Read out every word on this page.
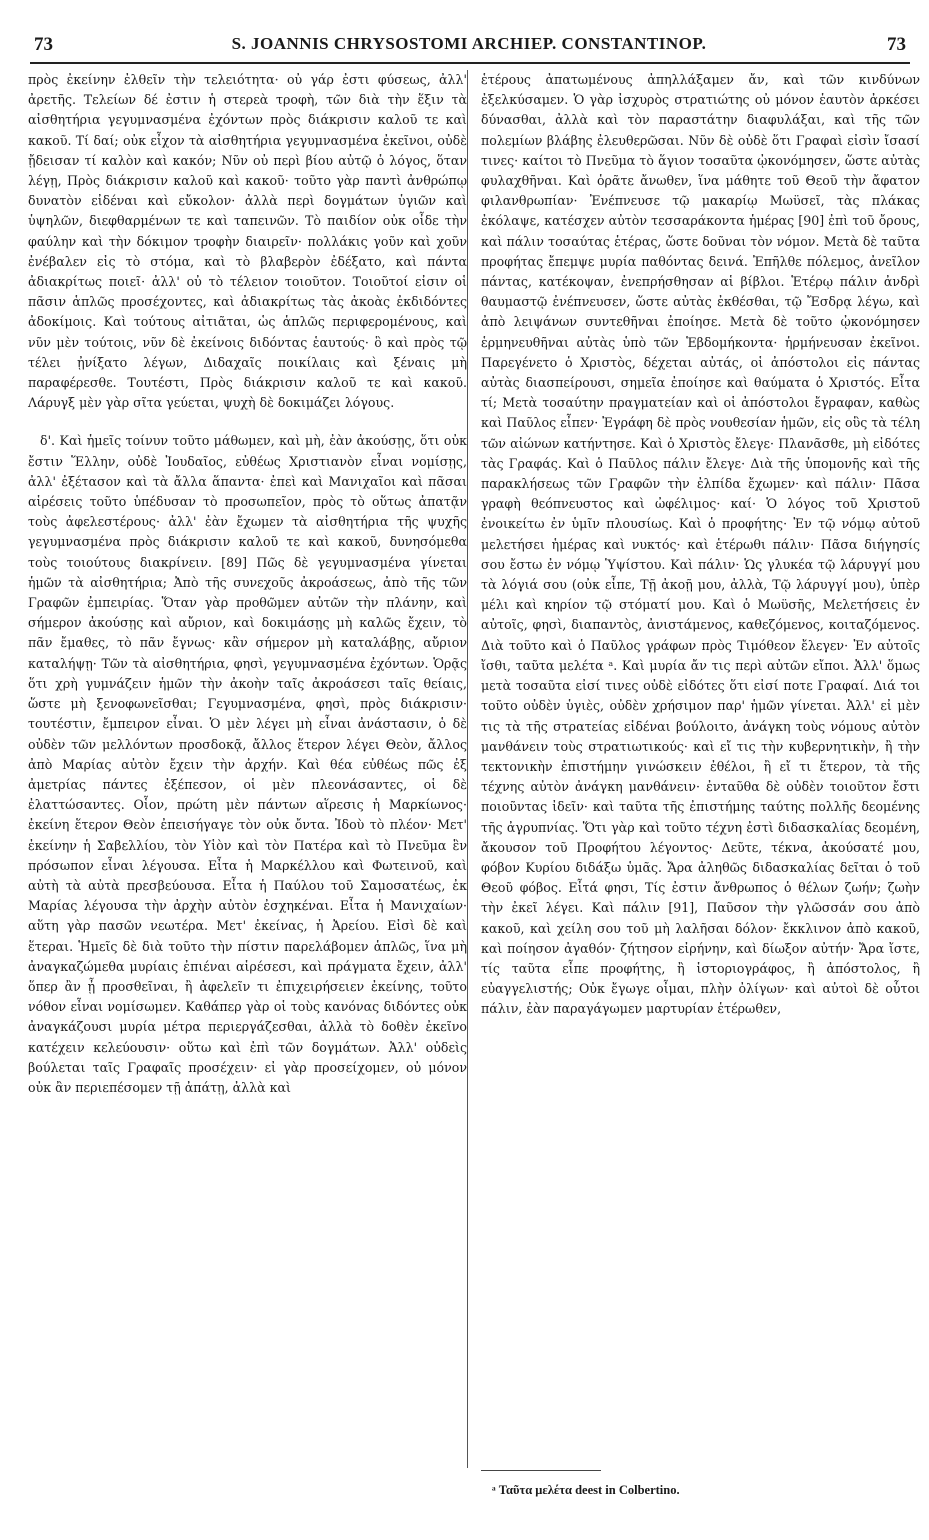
73	S. JOANNIS CHRYSOSTOMI ARCHIEP. CONSTANTINOP.	73

πρὸς ἐκείνην ἐλθεῖν τὴν τελειότητα· οὐ γάρ ἐστι φύσεως, ἀλλ' ἀρετῆς. Τελείων δέ ἐστιν ἡ στερεὰ τροφὴ, τῶν διὰ τὴν ἕξιν τὰ αἰσθητήρια γεγυμνασμένα ἐχόντων πρὸς διάκρισιν καλοῦ τε καὶ κακοῦ. Τί δαί; οὐκ εἶχον τὰ αἰσθητήρια γεγυμνασμένα ἐκεῖνοι, οὐδὲ ᾔδεισαν τί καλὸν καὶ κακόν; Νῦν οὐ περὶ βίου αὐτῷ ὁ λόγος, ὅταν λέγῃ, Πρὸς διάκρισιν καλοῦ καὶ κακοῦ· τοῦτο γὰρ παντὶ ἀνθρώπῳ δυνατὸν εἰδέναι καὶ εὔκολον· ἀλλὰ περὶ δογμάτων ὑγιῶν καὶ ὑψηλῶν, διεφθαρμένων τε καὶ ταπεινῶν. Τὸ παιδίον οὐκ οἶδε τὴν φαύλην καὶ τὴν δόκιμον τροφὴν διαιρεῖν· πολλάκις γοῦν καὶ χοῦν ἐνέβαλεν εἰς τὸ στόμα, καὶ τὸ βλαβερὸν ἐδέξατο, καὶ πάντα ἀδιακρίτως ποιεῖ· ἀλλ' οὐ τὸ τέλειον τοιοῦτον. Τοιοῦτοί εἰσιν οἱ πᾶσιν ἁπλῶς προσέχοντες, καὶ ἀδιακρίτως τὰς ἀκοὰς ἐκδιδόντες ἀδοκίμοις. Καὶ τούτους αἰτιᾶται, ὡς ἁπλῶς περιφερομένους, καὶ νῦν μὲν τούτοις, νῦν δὲ ἐκείνοις διδόντας ἑαυτούς· ὃ καὶ πρὸς τῷ τέλει ᾐνίξατο λέγων, Διδαχαῖς ποικίλαις καὶ ξέναις μὴ παραφέρεσθε. Τουτέστι, Πρὸς διάκρισιν καλοῦ τε καὶ κακοῦ. Λάρυγξ μὲν γὰρ σῖτα γεύεται, ψυχὴ δὲ δοκιμάζει λόγους.

δ'. Καὶ ἡμεῖς τοίνυν τοῦτο μάθωμεν, καὶ μὴ, ἐὰν ἀκούσῃς, ὅτι οὐκ ἔστιν Ἕλλην, οὐδὲ Ἰουδαῖος, εὐθέως Χριστιανὸν εἶναι νομίσῃς, ἀλλ' ἐξέτασον καὶ τὰ ἄλλα ἅπαντα· ἐπεὶ καὶ Μανιχαῖοι καὶ πᾶσαι αἱρέσεις τοῦτο ὑπέδυσαν τὸ προσωπεῖον, πρὸς τὸ οὕτως ἀπατᾷν τοὺς ἀφελεστέρους· ἀλλ' ἐὰν ἔχωμεν τὰ αἰσθητήρια τῆς ψυχῆς γεγυμνασμένα πρὸς διάκρισιν καλοῦ τε καὶ κακοῦ, δυνησόμεθα τοὺς τοιούτους διακρίνειν. [89] Πῶς δὲ γεγυμνασμένα γίνεται ἡμῶν τὰ αἰσθητήρια; Ἀπὸ τῆς συνεχοῦς ἀκροάσεως, ἀπὸ τῆς τῶν Γραφῶν ἐμπειρίας. Ὅταν γὰρ προθῶμεν αὐτῶν τὴν πλάνην, καὶ σήμερον ἀκούσῃς καὶ αὔριον, καὶ δοκιμάσῃς μὴ καλῶς ἔχειν, τὸ πᾶν ἔμαθες, τὸ πᾶν ἔγνως· κἂν σήμερον μὴ καταλάβῃς, αὔριον καταλήψῃ· Τῶν τὰ αἰσθητήρια, φησὶ, γεγυμνασμένα ἐχόντων. Ὁρᾷς ὅτι χρὴ γυμνάζειν ἡμῶν τὴν ἀκοὴν ταῖς ἀκροάσεσι ταῖς θείαις, ὥστε μὴ ξενοφωνεῖσθαι; Γεγυμνασμένα, φησὶ, πρὸς διάκρισιν· τουτέστιν, ἔμπειρον εἶναι. Ὁ μὲν λέγει μὴ εἶναι ἀνάστασιν, ὁ δὲ οὐδὲν τῶν μελλόντων προσδοκᾷ, ἄλλος ἕτερον λέγει Θεὸν, ἄλλος ἀπὸ Μαρίας αὐτὸν ἔχειν τὴν ἀρχήν. Καὶ θέα εὐθέως πῶς ἐξ ἀμετρίας πάντες ἐξέπεσον, οἱ μὲν πλεονάσαντες, οἱ δὲ ἐλαττώσαντες. Οἷον, πρώτη μὲν πάντων αἵρεσις ἡ Μαρκίωνος· ἐκείνη ἕτερον Θεὸν ἐπεισήγαγε τὸν οὐκ ὄντα. Ἰδοὺ τὸ πλέον· Μετ' ἐκείνην ἡ Σαβελλίου, τὸν Υἱὸν καὶ τὸν Πατέρα καὶ τὸ Πνεῦμα ἓν πρόσωπον εἶναι λέγουσα. Εἶτα ἡ Μαρκέλλου καὶ Φωτεινοῦ, καὶ αὐτὴ τὰ αὐτὰ πρεσβεύουσα. Εἶτα ἡ Παύλου τοῦ Σαμοσατέως, ἐκ Μαρίας λέγουσα τὴν ἀρχὴν αὐτὸν ἐσχηκέναι. Εἶτα ἡ Μανιχαίων· αὕτη γὰρ πασῶν νεωτέρα. Μετ' ἐκείνας, ἡ Ἀρείου. Εἰσὶ δὲ καὶ ἕτεραι. Ἡμεῖς δὲ διὰ τοῦτο τὴν πίστιν παρελάβομεν ἁπλῶς, ἵνα μὴ ἀναγκαζώμεθα μυρίαις ἐπιέναι αἱρέσεσι, καὶ πράγματα ἔχειν, ἀλλ' ὅπερ ἂν ᾖ προσθεῖναι, ἢ ἀφελεῖν τι ἐπιχειρήσειεν ἐκείνης, τοῦτο νόθον εἶναι νομίσωμεν. Καθάπερ γὰρ οἱ τοὺς κανόνας διδόντες οὐκ ἀναγκάζουσι μυρία μέτρα περιεργάζεσθαι, ἀλλὰ τὸ δοθὲν ἐκεῖνο κατέχειν κελεύουσιν· οὕτω καὶ ἐπὶ τῶν δογμάτων. Ἀλλ' οὐδεὶς βούλεται ταῖς Γραφαῖς προσέχειν· εἰ γὰρ προσείχομεν, οὐ μόνον οὐκ ἂν περιεπέσομεν τῇ ἀπάτῃ, ἀλλὰ καὶ

ἑτέρους ἀπατωμένους ἀπηλλάξαμεν ἄν, καὶ τῶν κινδύνων ἐξελκύσαμεν. Ὁ γὰρ ἰσχυρὸς στρατιώτης οὐ μόνον ἑαυτὸν ἀρκέσει δύνασθαι, ἀλλὰ καὶ τὸν παραστάτην διαφυλάξαι, καὶ τῆς τῶν πολεμίων βλάβης ἐλευθερῶσαι. Νῦν δὲ οὐδὲ ὅτι Γραφαὶ εἰσὶν ἴσασί τινες· καίτοι τὸ Πνεῦμα τὸ ἅγιον τοσαῦτα ᾠκονόμησεν, ὥστε αὐτὰς φυλαχθῆναι. Καὶ ὁρᾶτε ἄνωθεν, ἵνα μάθητε τοῦ Θεοῦ τὴν ἄφατον φιλανθρωπίαν· Ἐνέπνευσε τῷ μακαρίῳ Μωϋσεῖ, τὰς πλάκας ἐκόλαψε, κατέσχεν αὐτὸν τεσσαράκοντα ἡμέρας [90] ἐπὶ τοῦ ὄρους, καὶ πάλιν τοσαύτας ἑτέρας, ὥστε δοῦναι τὸν νόμον. Μετὰ δὲ ταῦτα προφήτας ἔπεμψε μυρία παθόντας δεινά. Ἐπῆλθε πόλεμος, ἀνεῖλον πάντας, κατέκοψαν, ἐνεπρήσθησαν αἱ βίβλοι. Ἑτέρῳ πάλιν ἀνδρὶ θαυμαστῷ ἐνέπνευσεν, ὥστε αὐτὰς ἐκθέσθαι, τῷ Ἔσδρᾳ λέγω, καὶ ἀπὸ λειψάνων συντεθῆναι ἐποίησε. Μετὰ δὲ τοῦτο ᾠκονόμησεν ἑρμηνευθῆναι αὐτὰς ὑπὸ τῶν Ἑβδομήκοντα· ἡρμήνευσαν ἐκεῖνοι. Παρεγένετο ὁ Χριστὸς, δέχεται αὐτάς, οἱ ἀπόστολοι εἰς πάντας αὐτὰς διασπείρουσι, σημεῖα ἐποίησε καὶ θαύματα ὁ Χριστός. Εἶτα τί; Μετὰ τοσαύτην πραγματείαν καὶ οἱ ἀπόστολοι ἔγραφαν, καθὼς καὶ Παῦλος εἶπεν· Ἐγράφη δὲ πρὸς νουθεσίαν ἡμῶν, εἰς οὓς τὰ τέλη τῶν αἰώνων κατήντησε. Καὶ ὁ Χριστὸς ἔλεγε· Πλανᾶσθε, μὴ εἰδότες τὰς Γραφάς. Καὶ ὁ Παῦλος πάλιν ἔλεγε· Διὰ τῆς ὑπομονῆς καὶ τῆς παρακλήσεως τῶν Γραφῶν τὴν ἐλπίδα ἔχωμεν· καὶ πάλιν· Πᾶσα γραφὴ θεόπνευστος καὶ ὠφέλιμος· καί· Ὁ λόγος τοῦ Χριστοῦ ἐνοικείτω ἐν ὑμῖν πλουσίως. Καὶ ὁ προφήτης· Ἐν τῷ νόμῳ αὐτοῦ μελετήσει ἡμέρας καὶ νυκτός· καὶ ἑτέρωθι πάλιν· Πᾶσα διήγησίς σου ἔστω ἐν νόμῳ Ὑψίστου. Καὶ πάλιν· Ὡς γλυκέα τῷ λάρυγγί μου τὰ λόγιά σου (οὐκ εἶπε, Τῇ ἀκοῇ μου, ἀλλὰ, Τῷ λάρυγγί μου), ὑπὲρ μέλι καὶ κηρίον τῷ στόματί μου. Καὶ ὁ Μωϋσῆς, Μελετήσεις ἐν αὐτοῖς, φησὶ, διαπαντὸς, ἀνιστάμενος, καθεζόμενος, κοιταζόμενος. Διὰ τοῦτο καὶ ὁ Παῦλος γράφων πρὸς Τιμόθεον ἔλεγεν· Ἐν αὐτοῖς ἴσθι, ταῦτα μελέτα ᵃ. Καὶ μυρία ἄν τις περὶ αὐτῶν εἴποι. Ἀλλ' ὅμως μετὰ τοσαῦτα εἰσί τινες οὐδὲ εἰδότες ὅτι εἰσί ποτε Γραφαί. Διά τοι τοῦτο οὐδὲν ὑγιὲς, οὐδὲν χρήσιμον παρ' ἡμῶν γίνεται. Ἀλλ' εἰ μὲν τις τὰ τῆς στρατείας εἰδέναι βούλοιτο, ἀνάγκη τοὺς νόμους αὐτὸν μανθάνειν τοὺς στρατιωτικούς· καὶ εἴ τις τὴν κυβερνητικὴν, ἢ τὴν τεκτονικὴν ἐπιστήμην γινώσκειν ἐθέλοι, ἢ εἴ τι ἕτερον, τὰ τῆς τέχνης αὐτὸν ἀνάγκη μανθάνειν· ἐνταῦθα δὲ οὐδὲν τοιοῦτον ἔστι ποιοῦντας ἰδεῖν· καὶ ταῦτα τῆς ἐπιστήμης ταύτης πολλῆς δεομένης τῆς ἀγρυπνίας. Ὅτι γὰρ καὶ τοῦτο τέχνη ἐστὶ διδασκαλίας δεομένη, ἄκουσον τοῦ Προφήτου λέγοντος· Δεῦτε, τέκνα, ἀκούσατέ μου, φόβον Κυρίου διδάξω ὑμᾶς. Ἄρα ἀληθῶς διδασκαλίας δεῖται ὁ τοῦ Θεοῦ φόβος. Εἶτά φησι, Τίς ἐστιν ἄνθρωπος ὁ θέλων ζωήν; ζωὴν τὴν ἐκεῖ λέγει. Καὶ πάλιν [91], Παῦσον τὴν γλῶσσάν σου ἀπὸ κακοῦ, καὶ χείλη σου τοῦ μὴ λαλῆσαι δόλον· ἔκκλινον ἀπὸ κακοῦ, καὶ ποίησον ἀγαθόν· ζήτησον εἰρήνην, καὶ δίωξον αὐτήν· Ἄρα ἴστε, τίς ταῦτα εἶπε προφήτης, ἢ ἱστοριογράφος, ἢ ἀπόστολος, ἢ εὐαγγελιστής; Οὐκ ἔγωγε οἶμαι, πλὴν ὀλίγων· καὶ αὐτοὶ δὲ οὗτοι πάλιν, ἐὰν παραγάγωμεν μαρτυρίαν ἑτέρωθεν,

ᵃ Ταῦτα μελέτα deest in Colbertino.
